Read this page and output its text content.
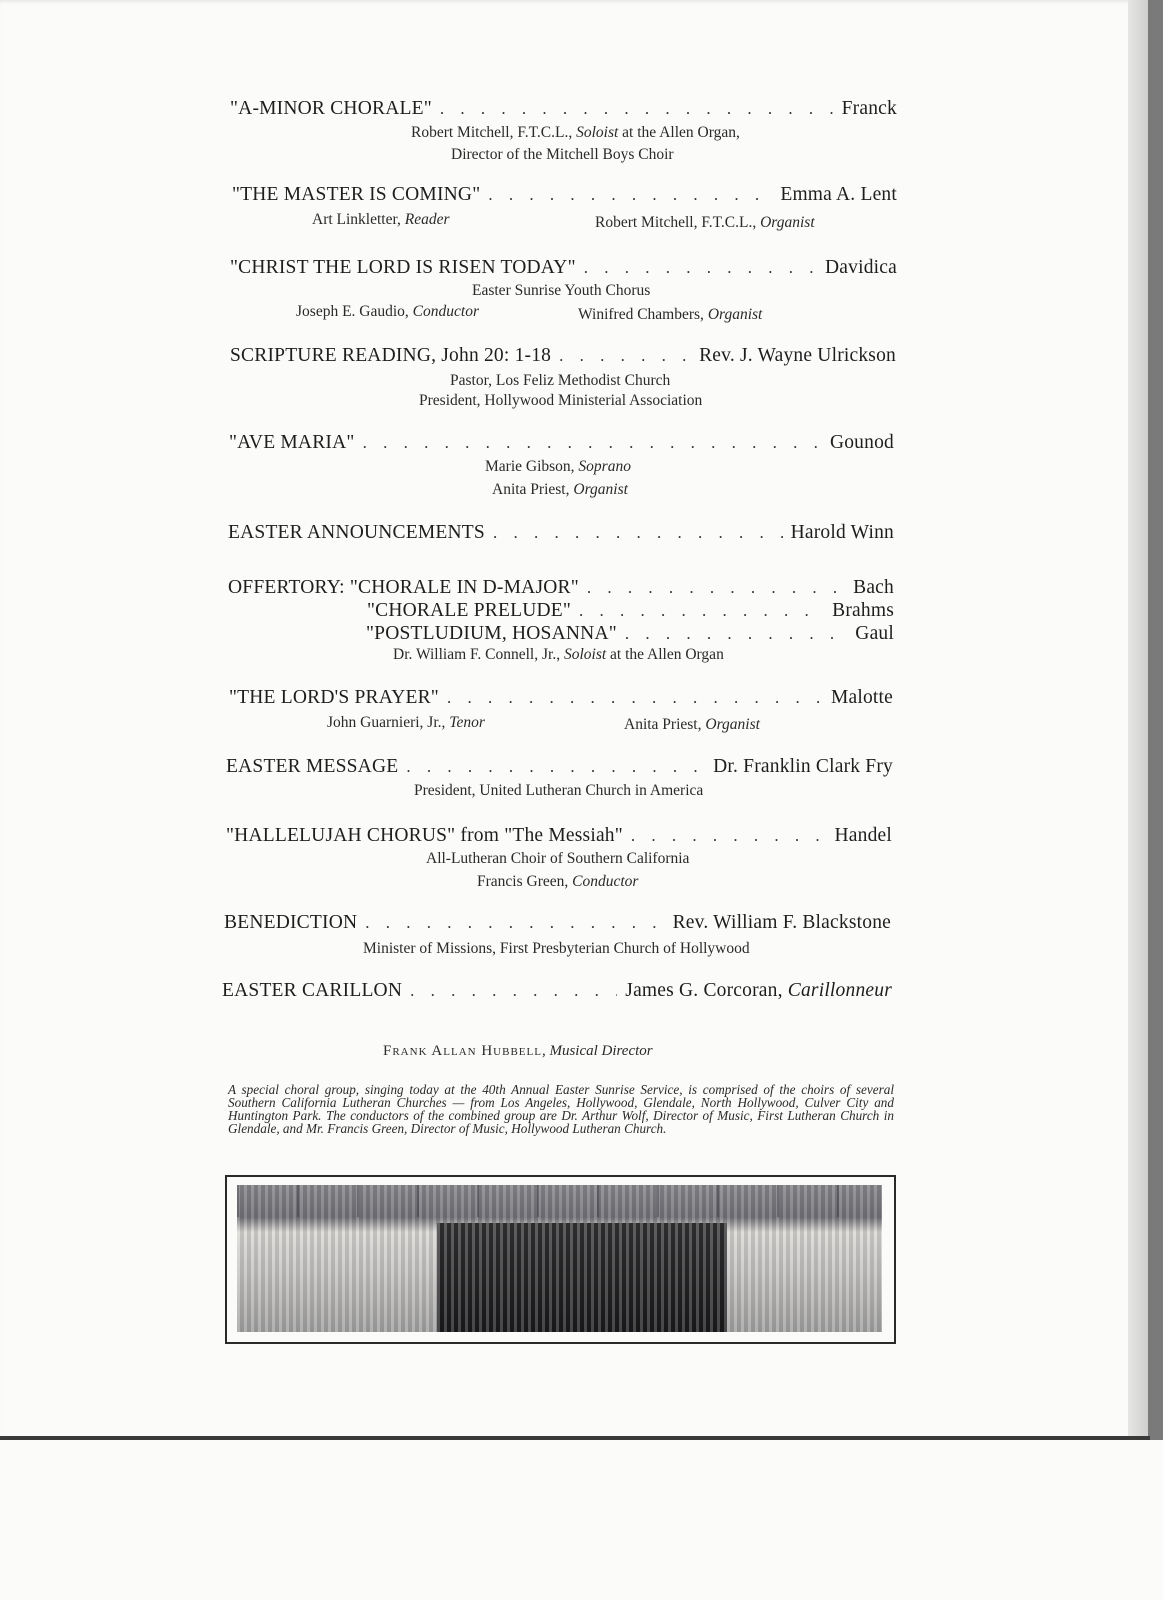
"A-MINOR CHORALE" . . .	Franck
Robert Mitchell, F.T.C.L., Soloist at the Allen Organ,
Director of the Mitchell Boys Choir
"THE MASTER IS COMING" . . .	Emma A. Lent
Art Linkletter, Reader	Robert Mitchell, F.T.C.L., Organist
"CHRIST THE LORD IS RISEN TODAY" . . .	Davidica
Easter Sunrise Youth Chorus
Joseph E. Gaudio, Conductor	Winifred Chambers, Organist
SCRIPTURE READING, John 20: 1-18 . . .	Rev. J. Wayne Ulrickson
Pastor, Los Feliz Methodist Church
President, Hollywood Ministerial Association
"AVE MARIA" . . .	Gounod
Marie Gibson, Soprano
Anita Priest, Organist
EASTER ANNOUNCEMENTS . . .	Harold Winn
OFFERTORY: "CHORALE IN D-MAJOR" . . .	Bach
"CHORALE PRELUDE" . . .	Brahms
"POSTLUDIUM, HOSANNA" . . .	Gaul
Dr. William F. Connell, Jr., Soloist at the Allen Organ
"THE LORD'S PRAYER" . . .	Malotte
John Guarnieri, Jr., Tenor	Anita Priest, Organist
EASTER MESSAGE . . .	Dr. Franklin Clark Fry
President, United Lutheran Church in America
"HALLELUJAH CHORUS" from "The Messiah" . . .	Handel
All-Lutheran Choir of Southern California
Francis Green, Conductor
BENEDICTION . . .	Rev. William F. Blackstone
Minister of Missions, First Presbyterian Church of Hollywood
EASTER CARILLON . . .	James G. Corcoran, Carillonneur
Frank Allan Hubbell, Musical Director
A special choral group, singing today at the 40th Annual Easter Sunrise Service, is comprised of the choirs of several Southern California Lutheran Churches — from Los Angeles, Hollywood, Glendale, North Hollywood, Culver City and Huntington Park. The conductors of the combined group are Dr. Arthur Wolf, Director of Music, First Lutheran Church in Glendale, and Mr. Francis Green, Director of Music, Hollywood Lutheran Church.
